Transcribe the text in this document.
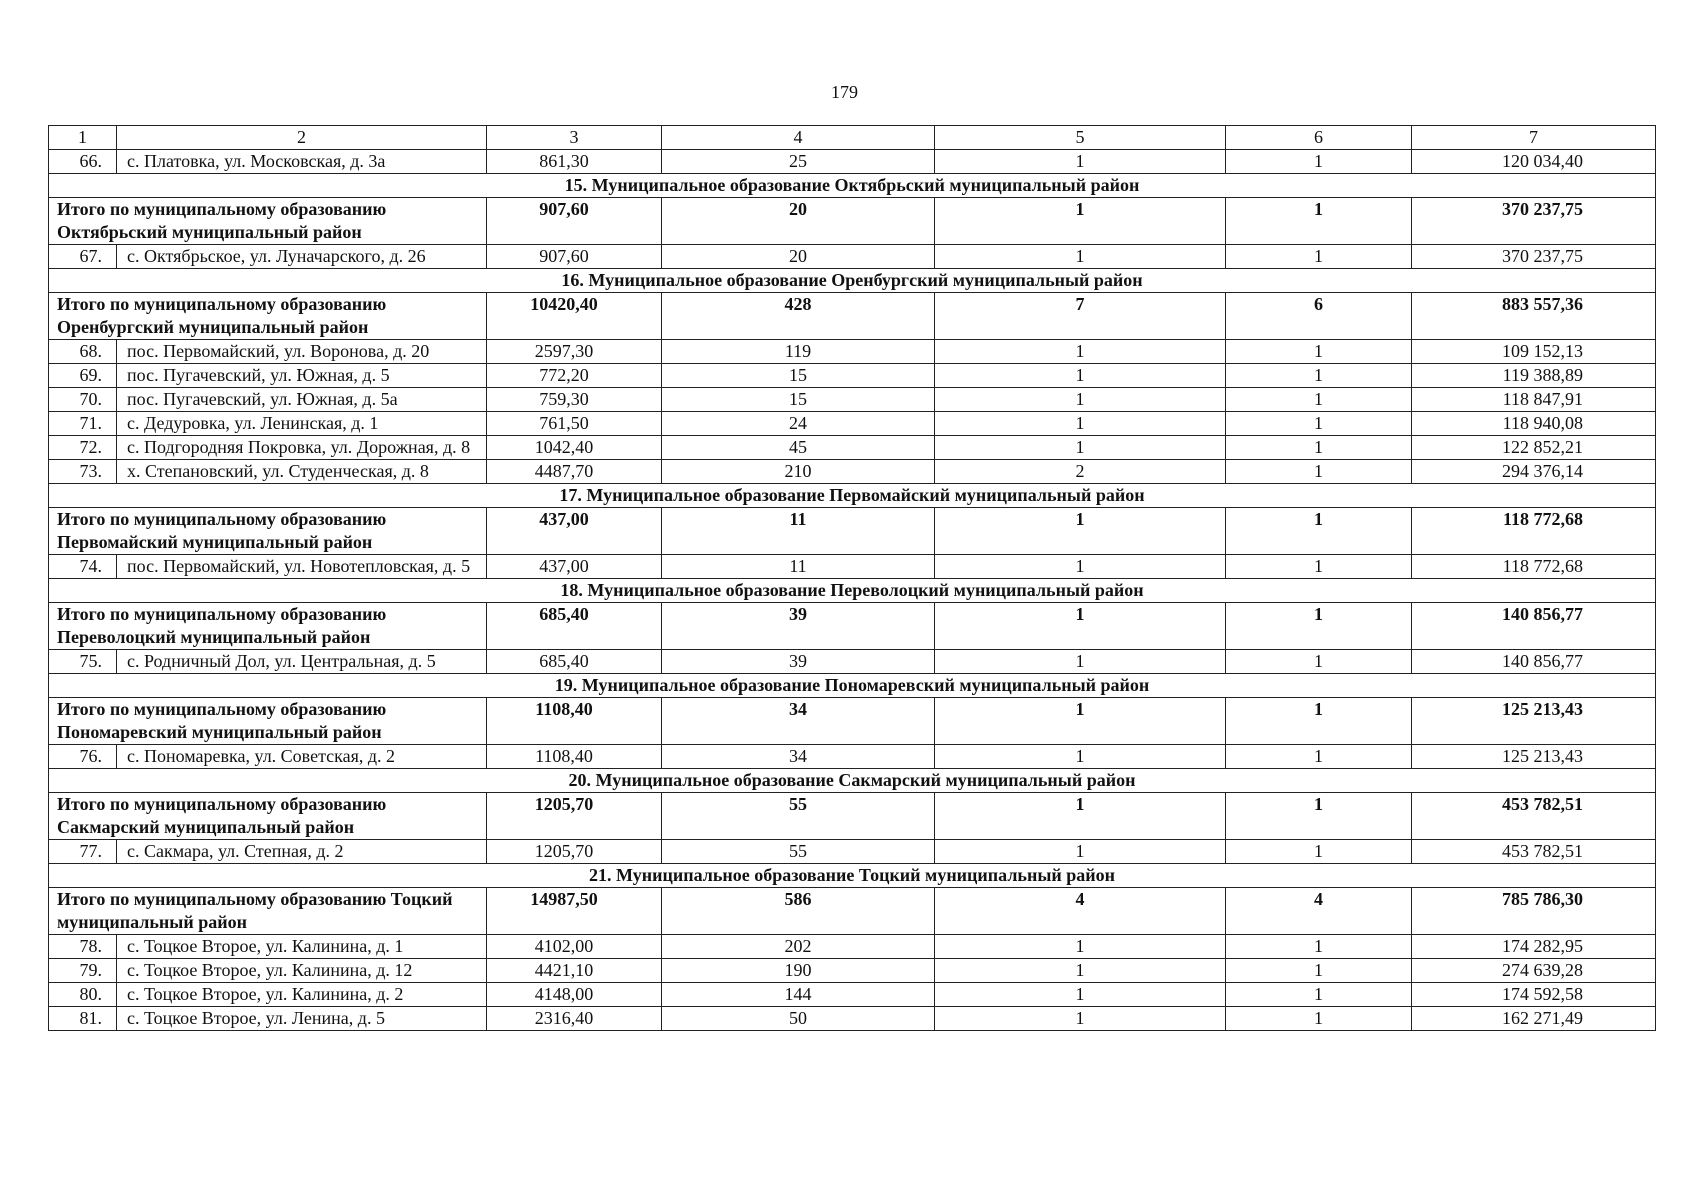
179
1	2	3	4	5	6	7
66.	с. Платовка, ул. Московская, д. 3а	861,30	25	1	1	120 034,40
15. Муниципальное образование Октябрьский муниципальный район						
Итого по муниципальному образованию Октябрьский муниципальный район		907,60	20	1	1	370 237,75
67.	с. Октябрьское, ул. Луначарского, д. 26	907,60	20	1	1	370 237,75
16. Муниципальное образование Оренбургский муниципальный район						
Итого по муниципальному образованию Оренбургский муниципальный район		10420,40	428	7	6	883 557,36
68.	пос. Первомайский, ул. Воронова, д. 20	2597,30	119	1	1	109 152,13
69.	пос. Пугачевский, ул. Южная, д. 5	772,20	15	1	1	119 388,89
70.	пос. Пугачевский, ул. Южная, д. 5а	759,30	15	1	1	118 847,91
71.	с. Дедуровка, ул. Ленинская, д. 1	761,50	24	1	1	118 940,08
72.	с. Подгородняя Покровка, ул. Дорожная, д. 8	1042,40	45	1	1	122 852,21
73.	х. Степановский, ул. Студенческая, д. 8	4487,70	210	2	1	294 376,14
17. Муниципальное образование Первомайский муниципальный район						
Итого по муниципальному образованию Первомайский муниципальный район		437,00	11	1	1	118 772,68
74.	пос. Первомайский, ул. Новотепловская, д. 5	437,00	11	1	1	118 772,68
18. Муниципальное образование Переволоцкий муниципальный район						
Итого по муниципальному образованию Переволоцкий муниципальный район		685,40	39	1	1	140 856,77
75.	с. Родничный Дол, ул. Центральная, д. 5	685,40	39	1	1	140 856,77
19. Муниципальное образование Пономаревский муниципальный район						
Итого по муниципальному образованию Пономаревский муниципальный район		1108,40	34	1	1	125 213,43
76.	с. Пономаревка, ул. Советская, д. 2	1108,40	34	1	1	125 213,43
20. Муниципальное образование Сакмарский муниципальный район						
Итого по муниципальному образованию Сакмарский муниципальный район		1205,70	55	1	1	453 782,51
77.	с. Сакмара, ул. Степная, д. 2	1205,70	55	1	1	453 782,51
21. Муниципальное образование Тоцкий муниципальный район						
Итого по муниципальному образованию Тоцкий муниципальный район		14987,50	586	4	4	785 786,30
78.	с. Тоцкое Второе, ул. Калинина, д. 1	4102,00	202	1	1	174 282,95
79.	с. Тоцкое Второе, ул. Калинина, д. 12	4421,10	190	1	1	274 639,28
80.	с. Тоцкое Второе, ул. Калинина, д. 2	4148,00	144	1	1	174 592,58
81.	с. Тоцкое Второе, ул. Ленина, д. 5	2316,40	50	1	1	162 271,49
